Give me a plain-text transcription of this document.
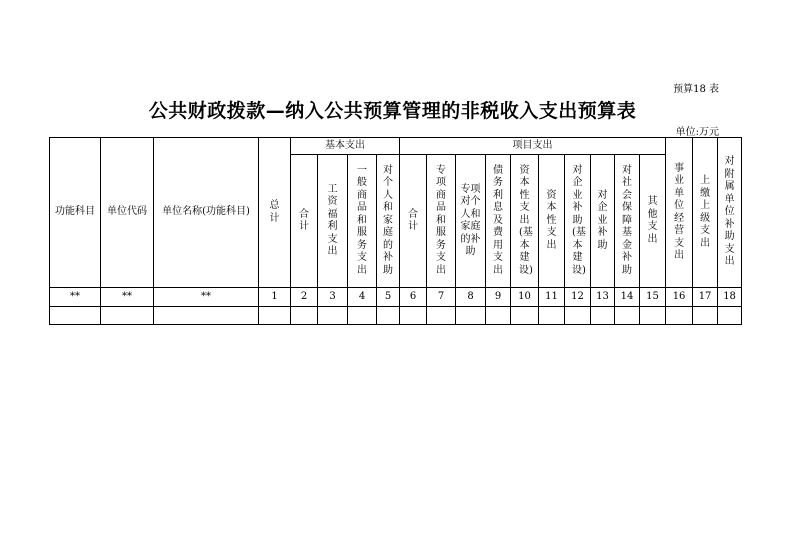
预算18 表
公共财政拨款—纳入公共预算管理的非税收入支出预算表
单位:万元
功能科目	单位代码	单位名称(功能科目)	总计	基本支出				项目支出										事业单位经营支出	上缴上级支出	对附属单位补助支出
				合计	工资福利支出	一般商品和服务支出	对个人和家庭的补助	合计	专项商品和服务支出	专项对个人和家庭的补助	债务利息及费用支出	资本性支出(基本建设)	资本性支出	对企业补助(基本建设)	对企业补助	对社会保障基金补助	其他支出			
**	**	**	1	2	3	4	5	6	7	8	9	10	11	12	13	14	15	16	17	18
